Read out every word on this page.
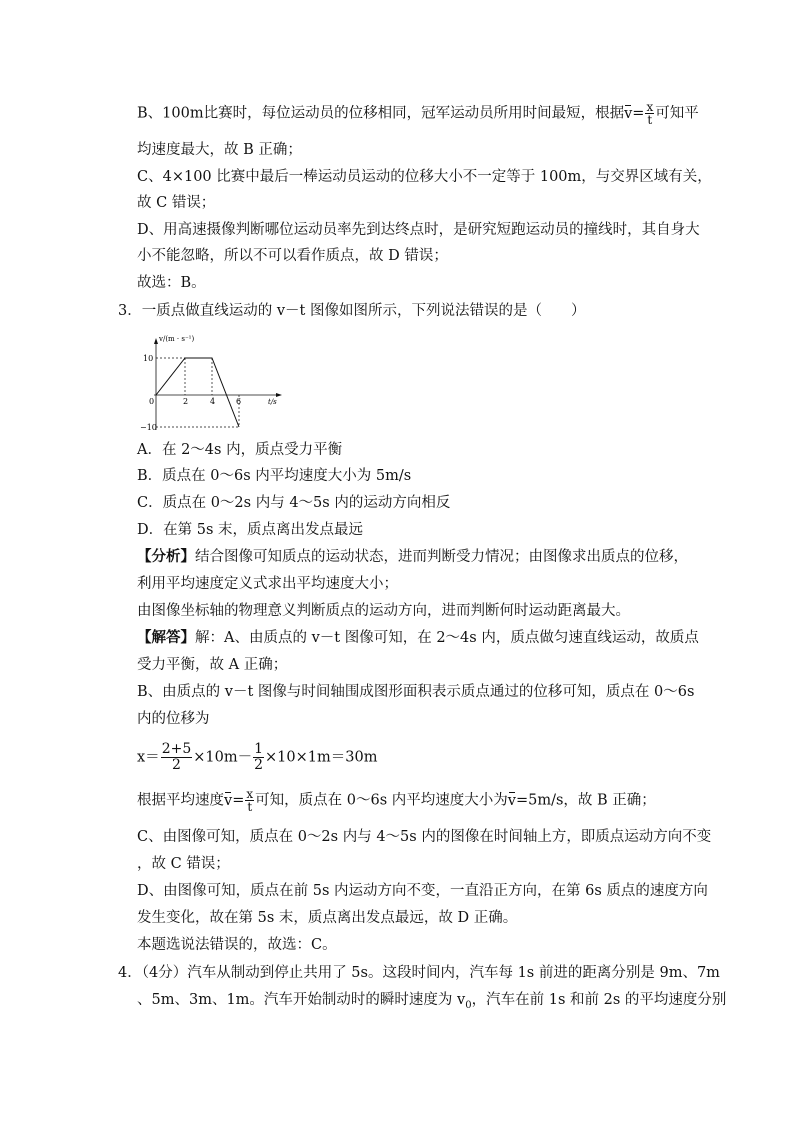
B、100m比赛时，每位运动员的位移相同，冠军运动员所用时间最短，根据$v= \frac{x}{t}$ 可知平
均速度最大，故 B 正确；
C、4×100 比赛中最后一棒运动员运动的位移大小不一定等于 100m，与交界区域有关，
故 C 错误；
D、用高速摄像判断哪位运动员率先到达终点时，是研究短跑运动员的撞线时，其自身大
小不能忽略，所以不可以看作质点，故 D 错误；
故选：B。
3．一质点做直线运动的 v－t 图像如图所示，下列说法错误的是（　　）
v/(m · s⁻¹)
t/s
10
−10
0	2	4	6
A．在 2～4s 内，质点受力平衡
B．质点在 0～6s 内平均速度大小为 5m/s
C．质点在 0～2s 内与 4～5s 内的运动方向相反
D．在第 5s 末，质点离出发点最远
【分析】结合图像可知质点的运动状态，进而判断受力情况；由图像求出质点的位移，
利用平均速度定义式求出平均速度大小；
由图像坐标轴的物理意义判断质点的运动方向，进而判断何时运动距离最大。
【解答】解：A、由质点的 v－t 图像可知，在 2～4s 内，质点做匀速直线运动，故质点
受力平衡，故 A 正确；
B、由质点的 v－t 图像与时间轴围成图形面积表示质点通过的位移可知，质点在 0～6s
内的位移为
$x= \frac{2+5}{2} \times 10m- \frac{1}{2} \times 10\times 1m=30m$
根据平均速度$v= \frac{x}{t}$ 可知，质点在 0～6s 内平均速度大小为v=5m/s，故 B 正确；
C、由图像可知，质点在 0～2s 内与 4～5s 内的图像在时间轴上方，即质点运动方向不变
，故 C 错误；
D、由图像可知，质点在前 5s 内运动方向不变，一直沿正方向，在第 6s 质点的速度方向
发生变化，故在第 5s 末，质点离出发点最远，故 D 正确。
本题选说法错误的，故选：C。
4．（4分）汽车从制动到停止共用了 5s。这段时间内，汽车每 1s 前进的距离分别是 9m、7m
、5m、3m、1m。汽车开始制动时的瞬时速度为 $v_0$，汽车在前 1s 和前 2s 的平均速度分别
